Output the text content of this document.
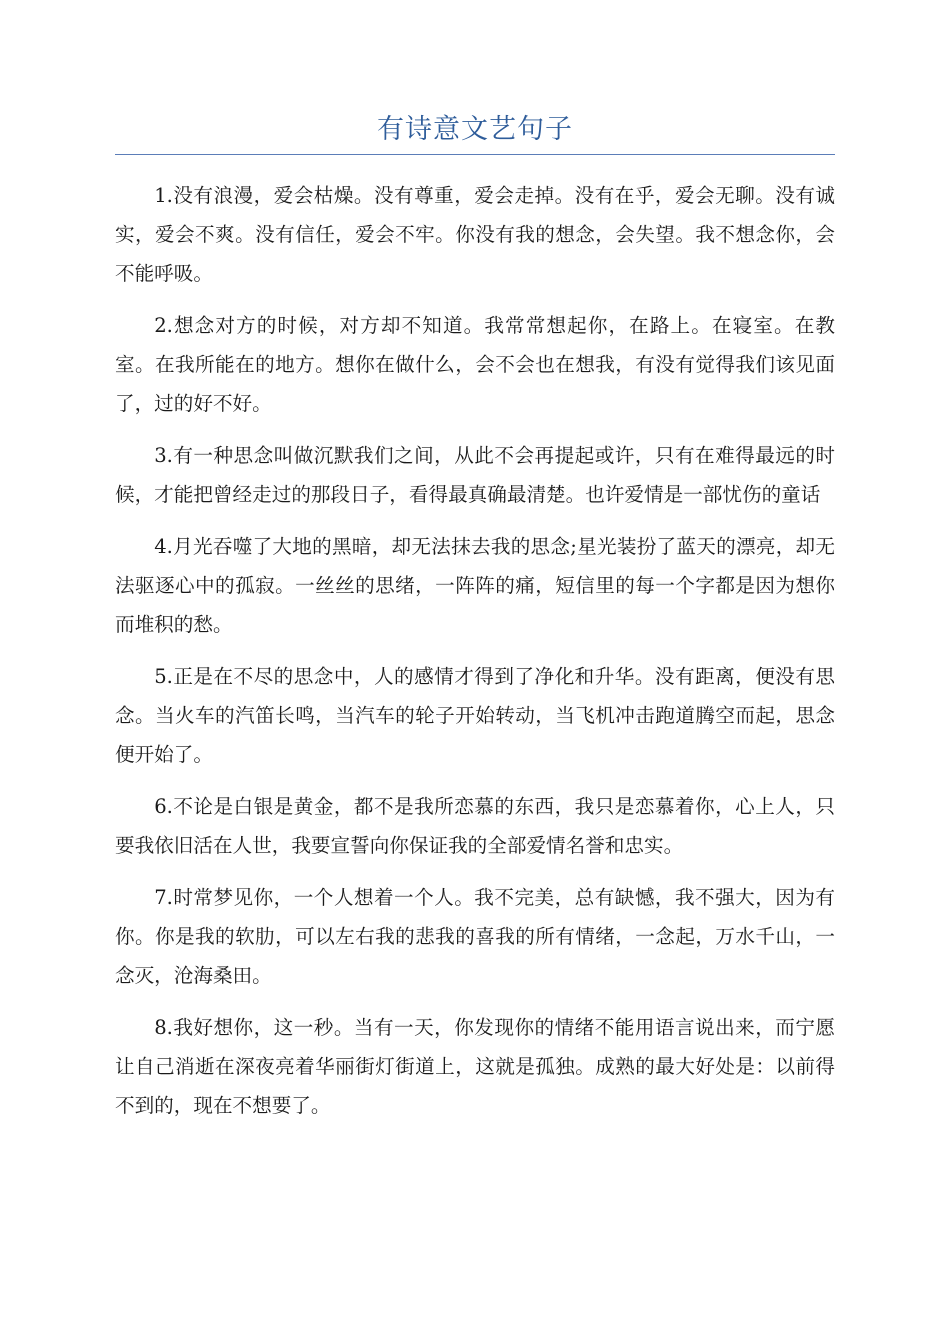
有诗意文艺句子

1.没有浪漫，爱会枯燥。没有尊重，爱会走掉。没有在乎，爱会无聊。没有诚实，爱会不爽。没有信任，爱会不牢。你没有我的想念，会失望。我不想念你，会不能呼吸。

2.想念对方的时候，对方却不知道。我常常想起你，在路上。在寝室。在教室。在我所能在的地方。想你在做什么，会不会也在想我，有没有觉得我们该见面了，过的好不好。

3.有一种思念叫做沉默我们之间，从此不会再提起或许，只有在难得最远的时候，才能把曾经走过的那段日子，看得最真确最清楚。也许爱情是一部忧伤的童话

4.月光吞噬了大地的黑暗，却无法抹去我的思念;星光装扮了蓝天的漂亮，却无法驱逐心中的孤寂。一丝丝的思绪，一阵阵的痛，短信里的每一个字都是因为想你而堆积的愁。

5.正是在不尽的思念中，人的感情才得到了净化和升华。没有距离，便没有思念。当火车的汽笛长鸣，当汽车的轮子开始转动，当飞机冲击跑道腾空而起，思念便开始了。

6.不论是白银是黄金，都不是我所恋慕的东西，我只是恋慕着你，心上人，只要我依旧活在人世，我要宣誓向你保证我的全部爱情名誉和忠实。

7.时常梦见你，一个人想着一个人。我不完美，总有缺憾，我不强大，因为有你。你是我的软肋，可以左右我的悲我的喜我的所有情绪，一念起，万水千山，一念灭，沧海桑田。

8.我好想你，这一秒。当有一天，你发现你的情绪不能用语言说出来，而宁愿让自己消逝在深夜亮着华丽街灯街道上，这就是孤独。成熟的最大好处是：以前得不到的，现在不想要了。
